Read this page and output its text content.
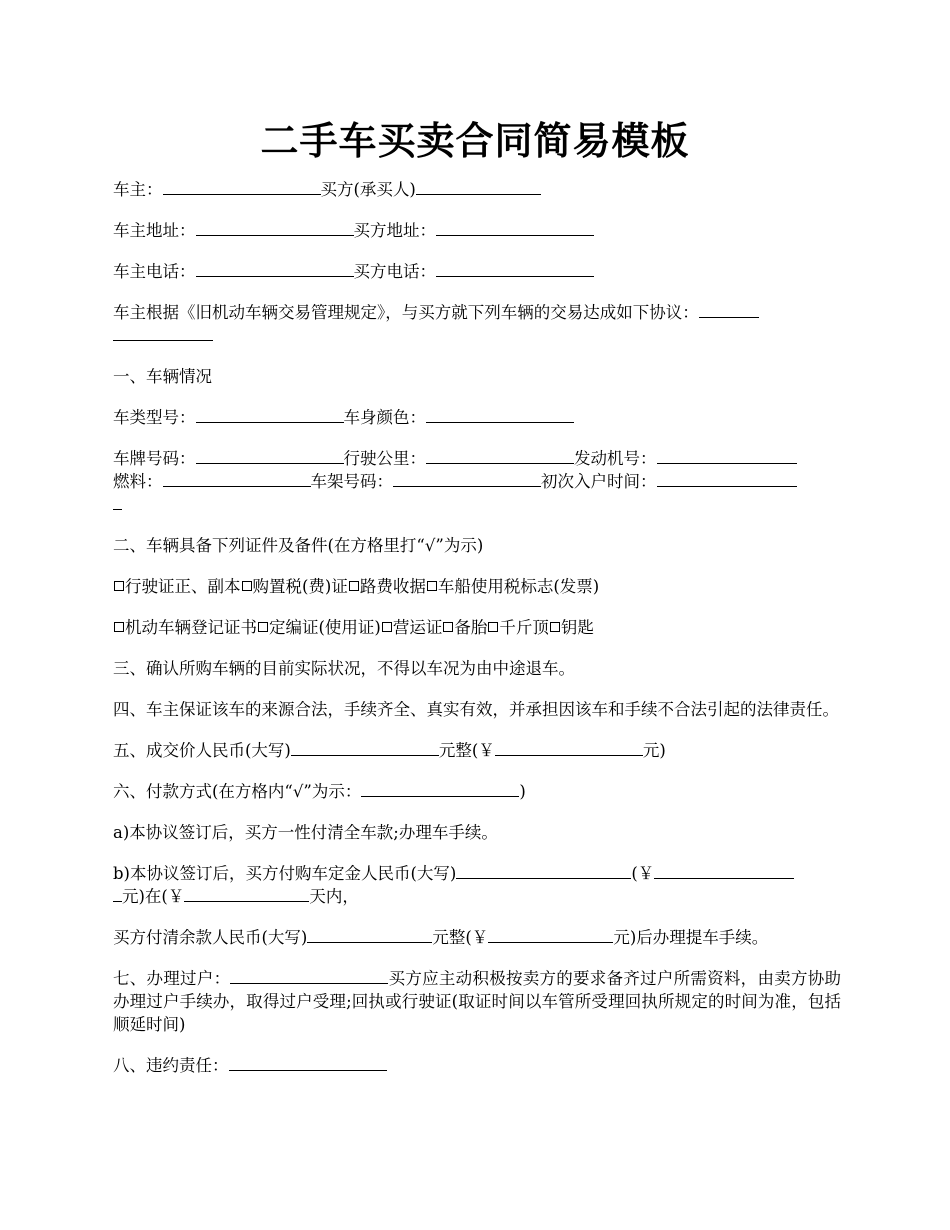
二手车买卖合同简易模板

车主：	买方(承买人)

车主地址：	买方地址：

车主电话：	买方电话：

车主根据《旧机动车辆交易管理规定》，与买方就下列车辆的交易达成如下协议：

一、车辆情况

车类型号：	车身颜色：

车牌号码：	行驶公里：	发动机号：

燃料：	车架号码：	初次入户时间：

二、车辆具备下列证件及备件(在方格里打“√”为示)

行驶证正、副本 购置税(费)证 路费收据 车船使用税标志(发票)

机动车辆登记证书 定编证(使用证) 营运证 备胎 千斤顶 钥匙

三、确认所购车辆的目前实际状况，不得以车况为由中途退车。

四、车主保证该车的来源合法，手续齐全、真实有效，并承担因该车和手续不合法引起的法律责任。

五、成交价人民币(大写)	元整(￥	元)

六、付款方式(在方格内“√”为示：	)

a)本协议签订后，买方一性付清全车款;办理车手续。

b)本协议签订后，买方付购车定金人民币(大写)	(￥
元)在(￥	天内，

买方付清余款人民币(大写)	元整(￥	元)后办理提车手续。

七、办理过户：	买方应主动积极按卖方的要求备齐过户所需资料，由卖方协助办理过户手续办，取得过户受理;回执或行驶证(取证时间以车管所受理回执所规定的时间为准，包括顺延时间)

八、违约责任：
